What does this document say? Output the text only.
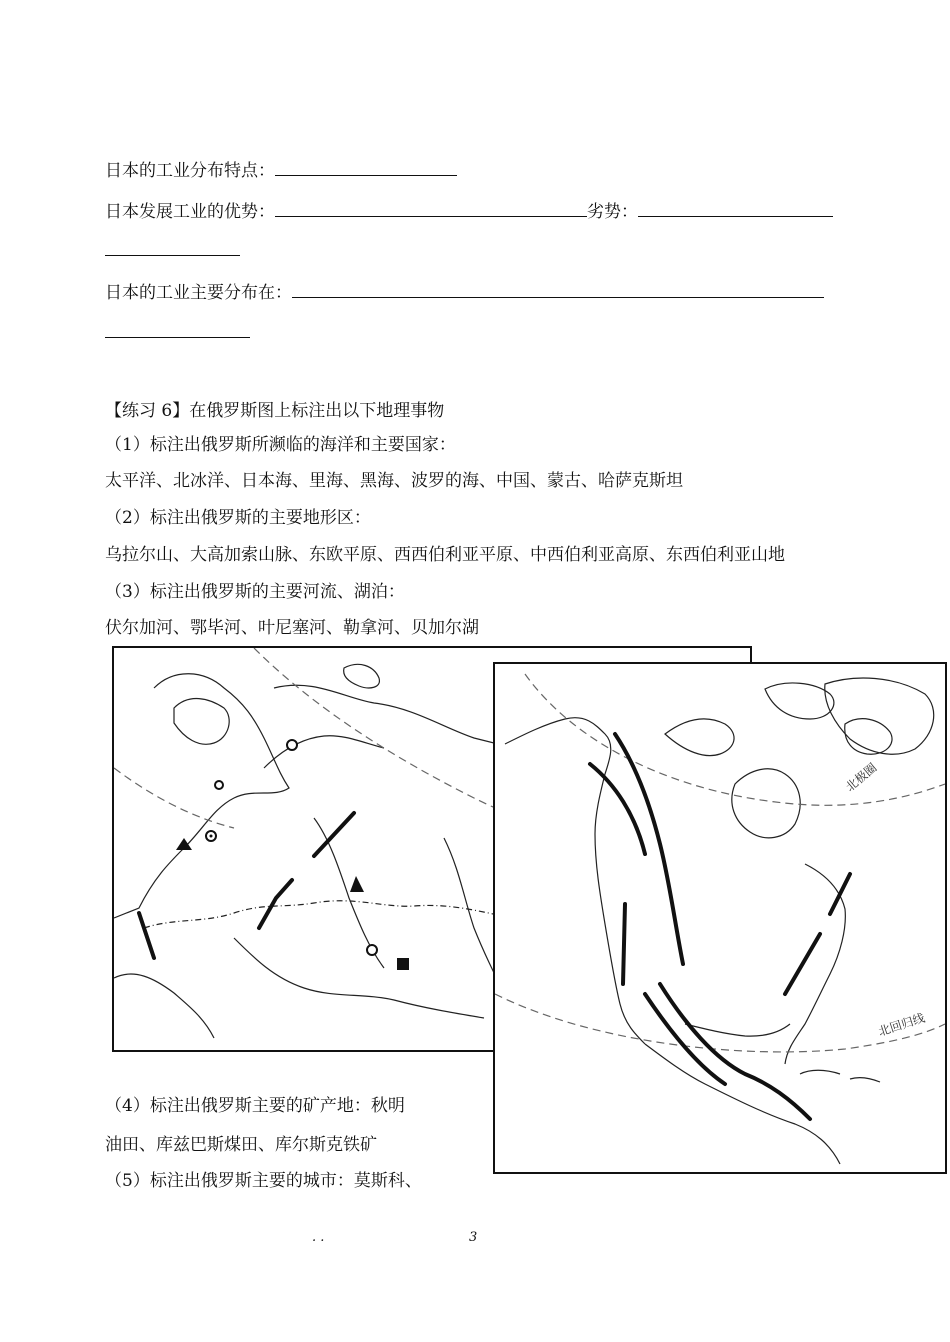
日本的工业分布特点：
日本发展工业的优势：	劣势：
日本的工业主要分布在：
【练习 6】在俄罗斯图上标注出以下地理事物
（1）标注出俄罗斯所濒临的海洋和主要国家：
太平洋、北冰洋、日本海、里海、黑海、波罗的海、中国、蒙古、哈萨克斯坦
（2）标注出俄罗斯的主要地形区：
乌拉尔山、大高加索山脉、东欧平原、西西伯利亚平原、中西伯利亚高原、东西伯利亚山地
（3）标注出俄罗斯的主要河流、湖泊：
伏尔加河、鄂毕河、叶尼塞河、勒拿河、贝加尔湖
北极圈
北回归线
（4）标注出俄罗斯主要的矿产地：秋明
油田、库兹巴斯煤田、库尔斯克铁矿
（5）标注出俄罗斯主要的城市：莫斯科、
. .	3
